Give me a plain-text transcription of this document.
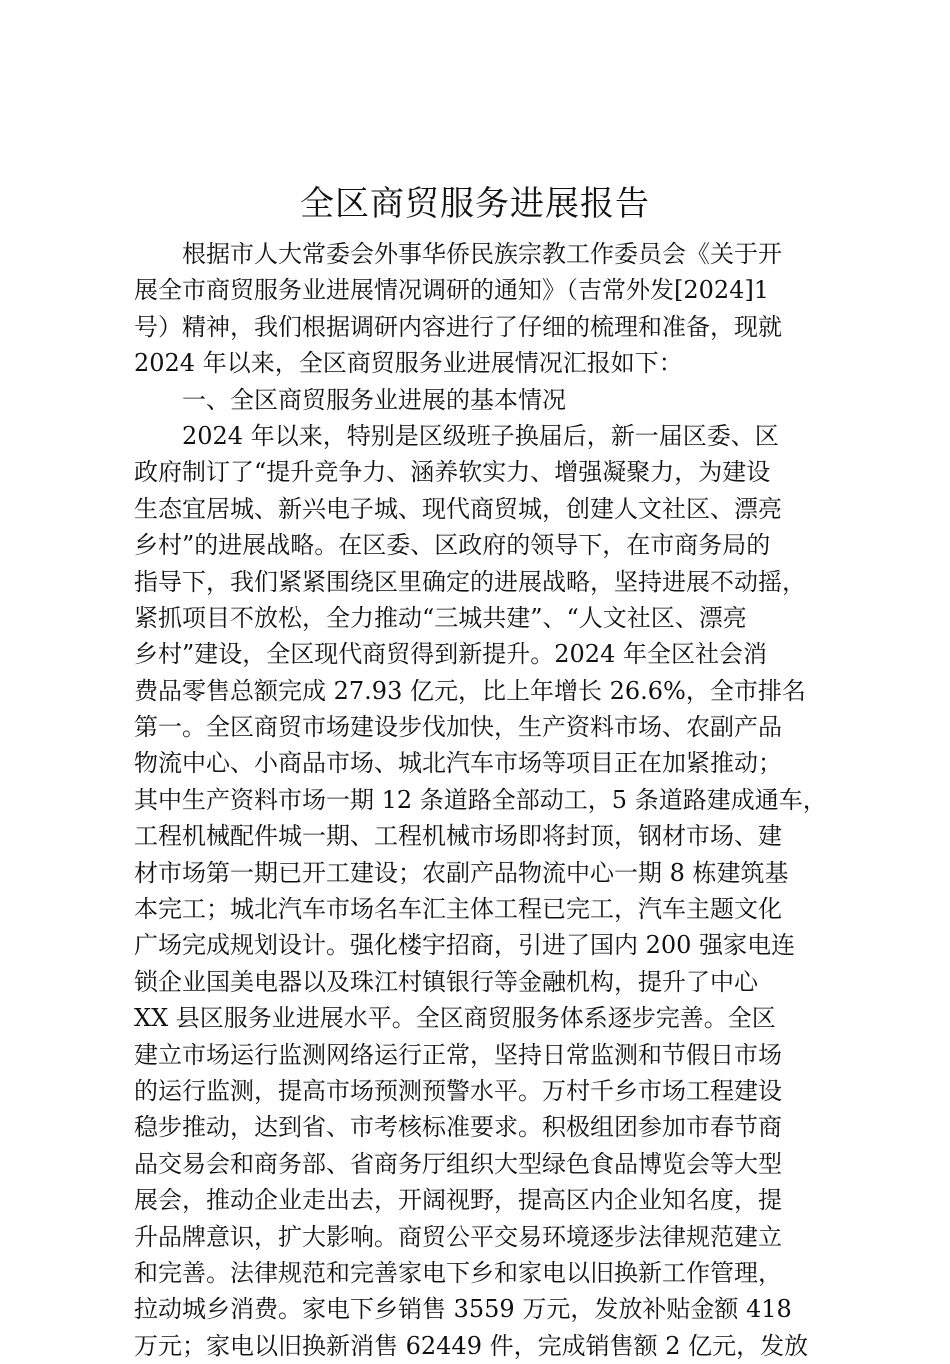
全区商贸服务进展报告
根据市人大常委会外事华侨民族宗教工作委员会《关于开
展全市商贸服务业进展情况调研的通知》（吉常外发[2024]1
号）精神，我们根据调研内容进行了仔细的梳理和准备，现就
2024 年以来，全区商贸服务业进展情况汇报如下：
一、全区商贸服务业进展的基本情况
2024 年以来，特别是区级班子换届后，新一届区委、区
政府制订了“提升竞争力、涵养软实力、增强凝聚力，为建设
生态宜居城、新兴电子城、现代商贸城，创建人文社区、漂亮
乡村”的进展战略。在区委、区政府的领导下，在市商务局的
指导下，我们紧紧围绕区里确定的进展战略，坚持进展不动摇，
紧抓项目不放松，全力推动“三城共建”、“人文社区、漂亮
乡村”建设，全区现代商贸得到新提升。2024 年全区社会消
费品零售总额完成 27.93 亿元，比上年增长 26.6%，全市排名
第一。全区商贸市场建设步伐加快，生产资料市场、农副产品
物流中心、小商品市场、城北汽车市场等项目正在加紧推动；
其中生产资料市场一期 12 条道路全部动工，5 条道路建成通车，
工程机械配件城一期、工程机械市场即将封顶，钢材市场、建
材市场第一期已开工建设；农副产品物流中心一期 8 栋建筑基
本完工；城北汽车市场名车汇主体工程已完工，汽车主题文化
广场完成规划设计。强化楼宇招商，引进了国内 200 强家电连
锁企业国美电器以及珠江村镇银行等金融机构，提升了中心
XX 县区服务业进展水平。全区商贸服务体系逐步完善。全区
建立市场运行监测网络运行正常，坚持日常监测和节假日市场
的运行监测，提高市场预测预警水平。万村千乡市场工程建设
稳步推动，达到省、市考核标准要求。积极组团参加市春节商
品交易会和商务部、省商务厅组织大型绿色食品博览会等大型
展会，推动企业走出去，开阔视野，提高区内企业知名度，提
升品牌意识，扩大影响。商贸公平交易环境逐步法律规范建立
和完善。法律规范和完善家电下乡和家电以旧换新工作管理，
拉动城乡消费。家电下乡销售 3559 万元，发放补贴金额 418
万元；家电以旧换新消售 62449 件，完成销售额 2 亿元，发放
